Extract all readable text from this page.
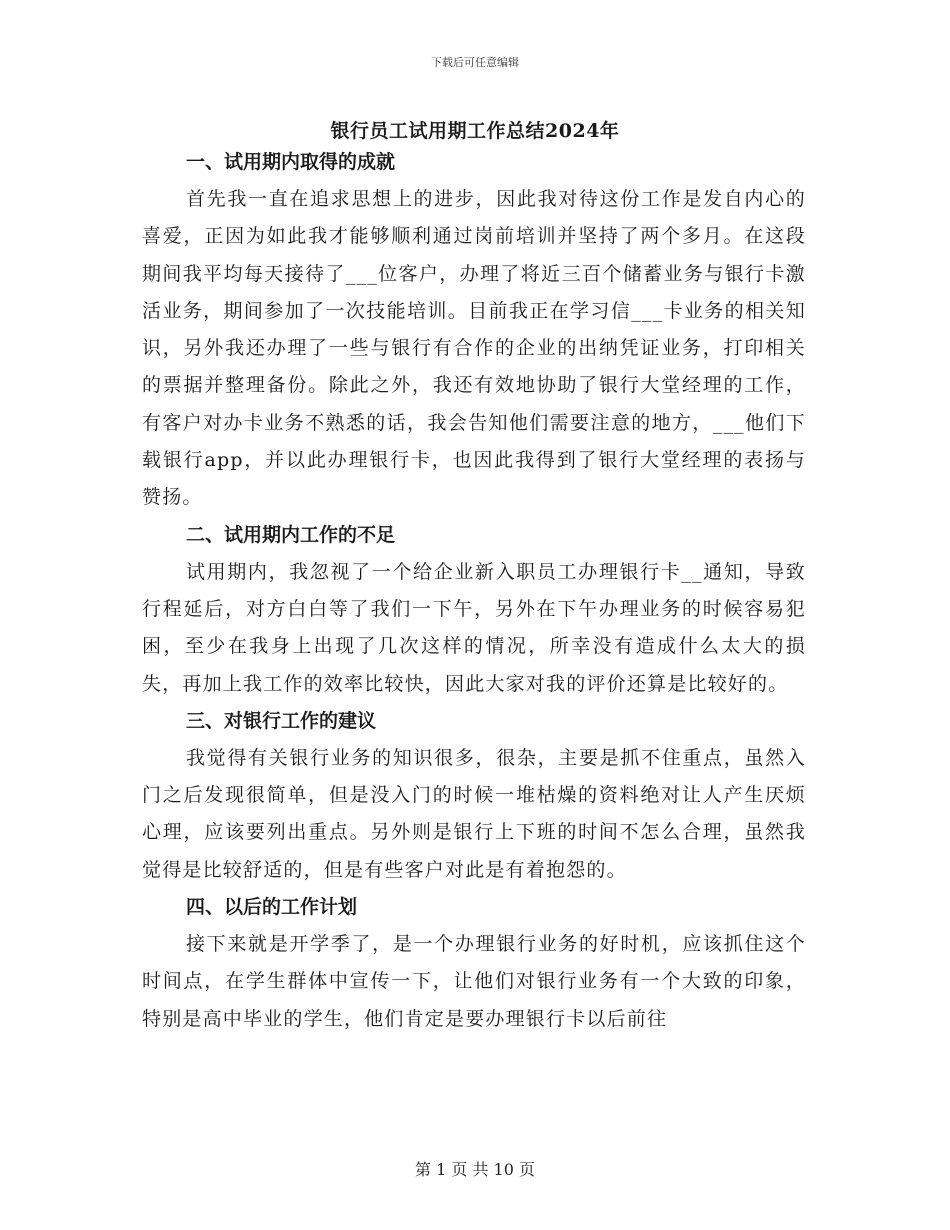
下载后可任意编辑
银行员工试用期工作总结2024年

一、试用期内取得的成就

首先我一直在追求思想上的进步，因此我对待这份工作是发自内心的喜爱，正因为如此我才能够顺利通过岗前培训并坚持了两个多月。在这段期间我平均每天接待了___位客户，办理了将近三百个储蓄业务与银行卡激活业务，期间参加了一次技能培训。目前我正在学习信___卡业务的相关知识，另外我还办理了一些与银行有合作的企业的出纳凭证业务，打印相关的票据并整理备份。除此之外，我还有效地协助了银行大堂经理的工作，有客户对办卡业务不熟悉的话，我会告知他们需要注意的地方，___他们下载银行app，并以此办理银行卡，也因此我得到了银行大堂经理的表扬与赞扬。

二、试用期内工作的不足

试用期内，我忽视了一个给企业新入职员工办理银行卡__通知，导致行程延后，对方白白等了我们一下午，另外在下午办理业务的时候容易犯困，至少在我身上出现了几次这样的情况，所幸没有造成什么太大的损失，再加上我工作的效率比较快，因此大家对我的评价还算是比较好的。

三、对银行工作的建议

我觉得有关银行业务的知识很多，很杂，主要是抓不住重点，虽然入门之后发现很简单，但是没入门的时候一堆枯燥的资料绝对让人产生厌烦心理，应该要列出重点。另外则是银行上下班的时间不怎么合理，虽然我觉得是比较舒适的，但是有些客户对此是有着抱怨的。

四、以后的工作计划

接下来就是开学季了，是一个办理银行业务的好时机，应该抓住这个时间点，在学生群体中宣传一下，让他们对银行业务有一个大致的印象，特别是高中毕业的学生，他们肯定是要办理银行卡以后前往

第 1 页 共 10 页
